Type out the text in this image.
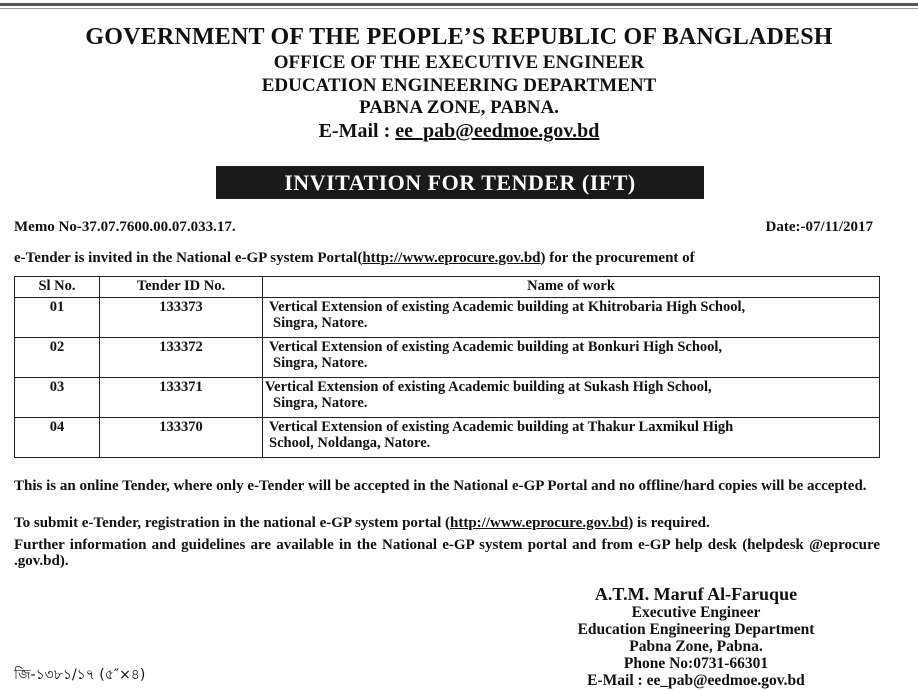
GOVERNMENT OF THE PEOPLE’S REPUBLIC OF BANGLADESH
OFFICE OF THE EXECUTIVE ENGINEER
EDUCATION ENGINEERING DEPARTMENT
PABNA ZONE, PABNA.
E-Mail : ee_pab@eedmoe.gov.bd
INVITATION FOR TENDER (IFT)
Memo No-37.07.7600.00.07.033.17.	Date:-07/11/2017
e-Tender is invited in the National e-GP system Portal(http://www.eprocure.gov.bd) for the procurement of
Sl No.	Tender ID No.	Name of work
01	133373	Vertical Extension of existing Academic building at Khitrobaria High School,
Singra, Natore.

02	133372	Vertical Extension of existing Academic building at Bonkuri High School,
Singra, Natore.

03	133371	Vertical Extension of existing Academic building at Sukash High School,
Singra, Natore.

04	133370	Vertical Extension of existing Academic building at Thakur Laxmikul High
School, Noldanga, Natore.
This is an online Tender, where only e-Tender will be accepted in the National e-GP Portal and no offline/hard copies will be accepted.
To submit e-Tender, registration in the national e-GP system portal (http://www.eprocure.gov.bd) is required.
Further information and guidelines are available in the National e-GP system portal and from e-GP help desk (helpdesk @eprocure .gov.bd).
A.T.M. Maruf Al-Faruque
Executive Engineer
Education Engineering Department
Pabna Zone, Pabna.
Phone No:0731-66301
E-Mail : ee_pab@eedmoe.gov.bd
জি-১৩৮১/১৭ (৫″×৪)
